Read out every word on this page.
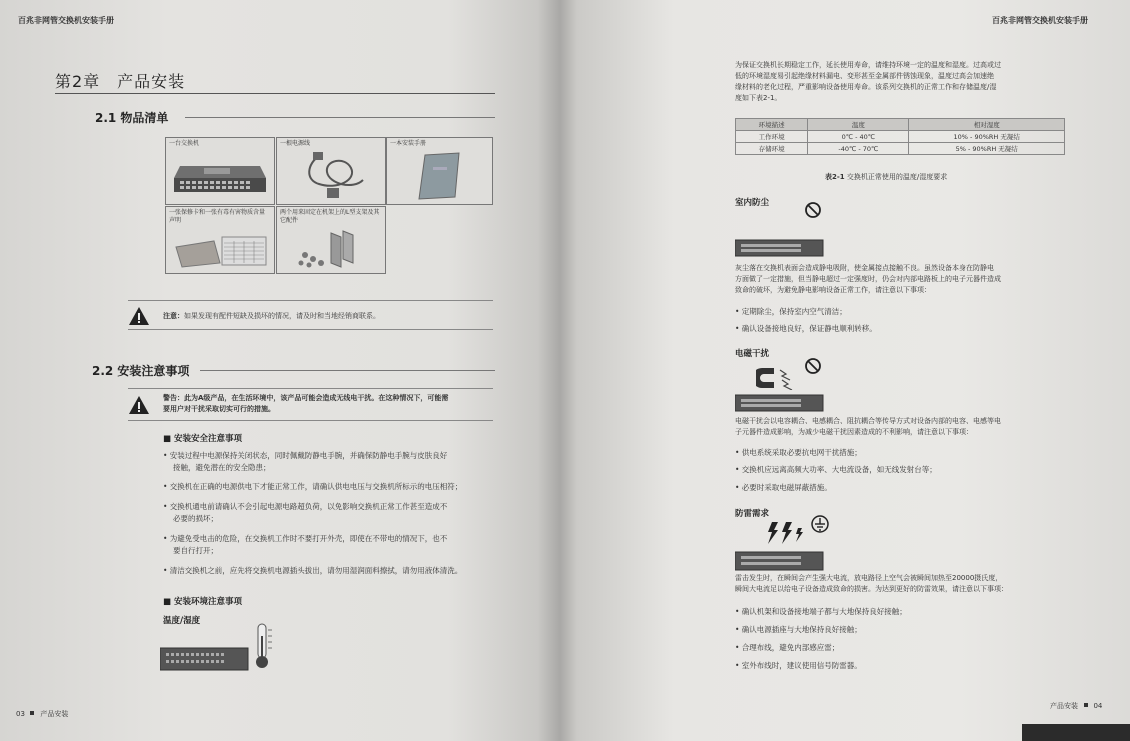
百兆非网管交换机安装手册
第2章　产品安装
2.1 物品清单
一台交换机	一根电源线	一本安装手册
一张保修卡和一张有毒有害物质含量声明
两个用来固定在机架上的L型支架及其它配件
注意：如果发现有配件短缺及损坏的情况，请及时和当地经销商联系。
2.2 安装注意事项
警告：此为A级产品，在生活环境中，该产品可能会造成无线电干扰。在这种情况下，可能需
要用户对干扰采取切实可行的措施。
■ 安装安全注意事项
• 安装过程中电源保持关闭状态，同时佩戴防静电手腕，并确保防静电手腕与皮肤良好
接触，避免潜在的安全隐患；
• 交换机在正确的电源供电下才能正常工作，请确认供电电压与交换机所标示的电压相符；
• 交换机通电前请确认不会引起电源电路超负荷，以免影响交换机正常工作甚至造成不
必要的损坏；
• 为避免受电击的危险，在交换机工作时不要打开外壳，即使在不带电的情况下，也不
要自行打开；
• 清洁交换机之前，应先将交换机电源插头拔出，请勿用湿润面料擦拭，请勿用液体清洗。
■ 安装环境注意事项
温度/湿度
03 产品安装
百兆非网管交换机安装手册
为保证交换机长期稳定工作，延长使用寿命，请维持环境一定的温度和湿度。过高或过
低的环境湿度易引起绝缘材料漏电、变形甚至金属部件锈蚀现象，温度过高会加速绝
缘材料的老化过程，严重影响设备使用寿命。该系列交换机的正常工作和存储温度/湿
度如下表2-1。
环境描述	温度	相对湿度
工作环境	0℃ - 40℃	10% - 90%RH 无凝结
存储环境	-40℃ - 70℃	5% - 90%RH 无凝结
表2-1 交换机正常使用的温度/湿度要求
室内防尘
灰尘落在交换机表面会造成静电吸附，使金属接点接触不良。虽然设备本身在防静电
方面做了一定措施，但当静电超过一定强度时，仍会对内部电路板上的电子元器件造成
致命的破坏，为避免静电影响设备正常工作，请注意以下事项：
• 定期除尘，保持室内空气清洁；
• 确认设备接地良好，保证静电顺利转移。
电磁干扰
电磁干扰会以电容耦合、电感耦合、阻抗耦合等传导方式对设备内部的电容、电感等电
子元器件造成影响，为减少电磁干扰因素造成的不利影响，请注意以下事项：
• 供电系统采取必要抗电网干扰措施；
• 交换机应远离高频大功率、大电流设备，如无线发射台等；
• 必要时采取电磁屏蔽措施。
防雷需求
雷击发生时，在瞬间会产生强大电流，放电路径上空气会被瞬间加热至20000摄氏度，
瞬间大电流足以给电子设备造成致命的损害。为达到更好的防雷效果，请注意以下事项：
• 确认机架和设备接地端子都与大地保持良好接触；
• 确认电源插座与大地保持良好接触；
• 合理布线，避免内部感应雷；
• 室外布线时，建议使用信号防雷器。
产品安装 04
